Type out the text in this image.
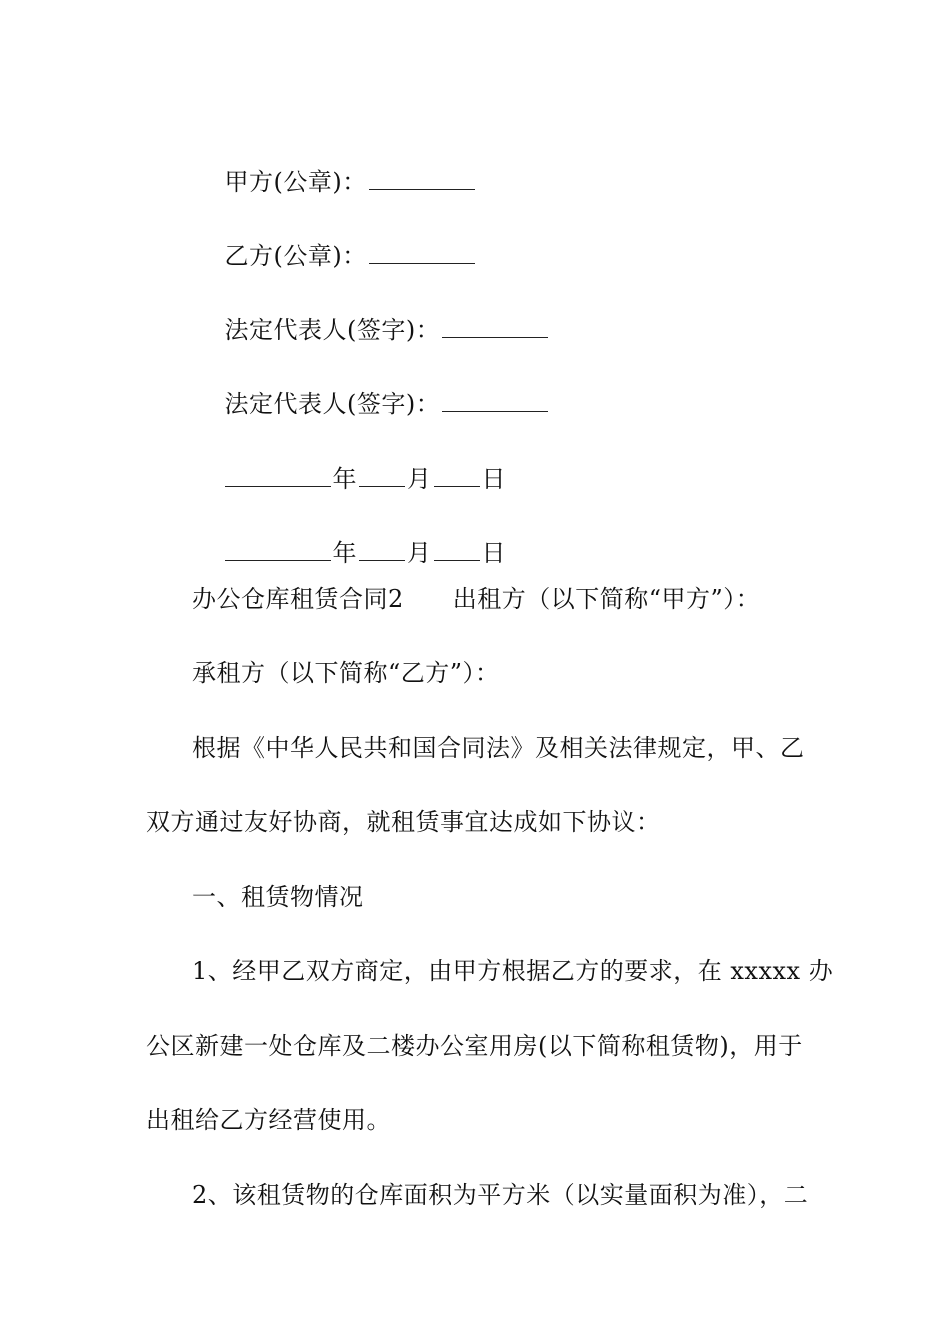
甲方(公章)：

乙方(公章)：

法定代表人(签字)：

法定代表人(签字)：

年 月 日

年 月 日

办公仓库租赁合同2　　出租方（以下简称“甲方”）：
承租方（以下简称“乙方”）：
根据《中华人民共和国合同法》及相关法律规定，甲、乙
双方通过友好协商，就租赁事宜达成如下协议：
一、租赁物情况
1、经甲乙双方商定，由甲方根据乙方的要求，在 xxxxx 办
公区新建一处仓库及二楼办公室用房(以下简称租赁物)，用于
出租给乙方经营使用。
2、该租赁物的仓库面积为平方米（以实量面积为准），二
